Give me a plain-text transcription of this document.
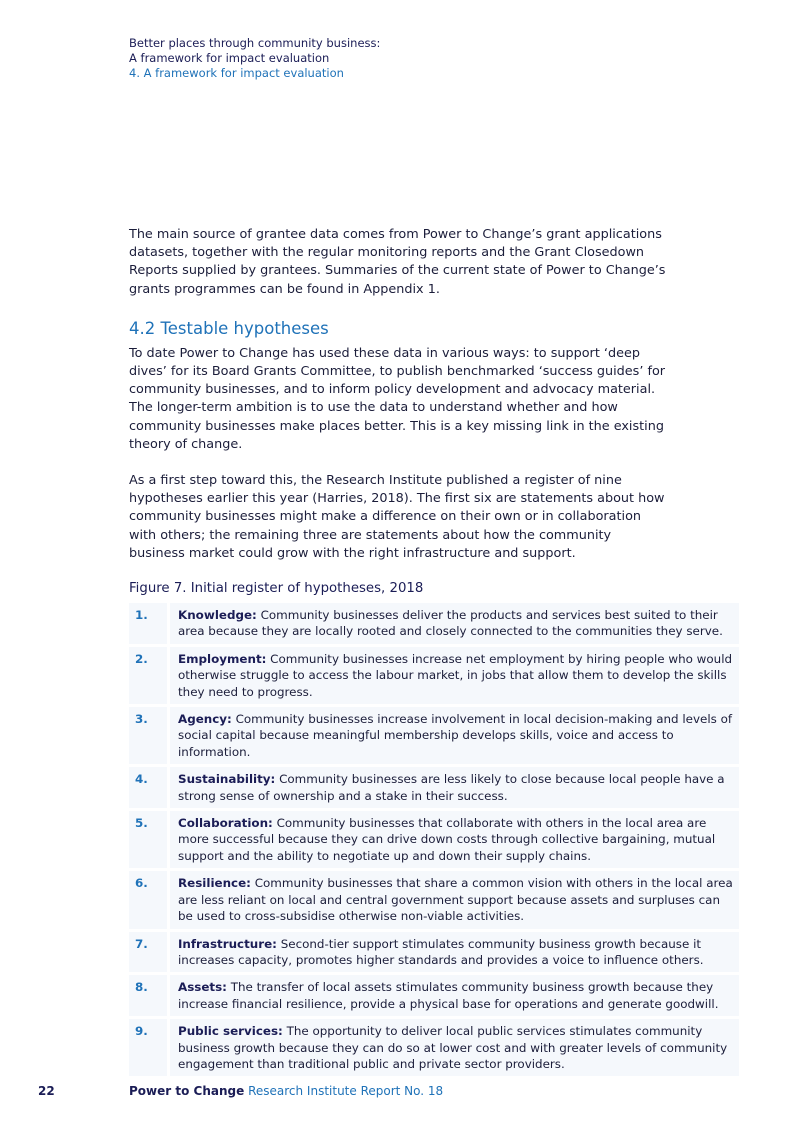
Better places through community business:
A framework for impact evaluation
4. A framework for impact evaluation

The main source of grantee data comes from Power to Change’s grant applications datasets, together with the regular monitoring reports and the Grant Closedown Reports supplied by grantees. Summaries of the current state of Power to Change’s grants programmes can be found in Appendix 1.

4.2 Testable hypotheses

To date Power to Change has used these data in various ways: to support ‘deep dives’ for its Board Grants Committee, to publish benchmarked ‘success guides’ for community businesses, and to inform policy development and advocacy material. The longer-term ambition is to use the data to understand whether and how community businesses make places better. This is a key missing link in the existing theory of change.

As a first step toward this, the Research Institute published a register of nine hypotheses earlier this year (Harries, 2018). The first six are statements about how community businesses might make a difference on their own or in collaboration with others; the remaining three are statements about how the community business market could grow with the right infrastructure and support.

Figure 7. Initial register of hypotheses, 2018
1.	Knowledge: Community businesses deliver the products and services best suited to their area because they are locally rooted and closely connected to the communities they serve.
2.	Employment: Community businesses increase net employment by hiring people who would otherwise struggle to access the labour market, in jobs that allow them to develop the skills they need to progress.
3.	Agency: Community businesses increase involvement in local decision-making and levels of social capital because meaningful membership develops skills, voice and access to information.
4.	Sustainability: Community businesses are less likely to close because local people have a strong sense of ownership and a stake in their success.
5.	Collaboration: Community businesses that collaborate with others in the local area are more successful because they can drive down costs through collective bargaining, mutual support and the ability to negotiate up and down their supply chains.
6.	Resilience: Community businesses that share a common vision with others in the local area are less reliant on local and central government support because assets and surpluses can be used to cross-subsidise otherwise non-viable activities.
7.	Infrastructure: Second-tier support stimulates community business growth because it increases capacity, promotes higher standards and provides a voice to influence others.
8.	Assets: The transfer of local assets stimulates community business growth because they increase financial resilience, provide a physical base for operations and generate goodwill.
9.	Public services: The opportunity to deliver local public services stimulates community business growth because they can do so at lower cost and with greater levels of community engagement than traditional public and private sector providers.
22	Power to Change Research Institute Report No. 18
